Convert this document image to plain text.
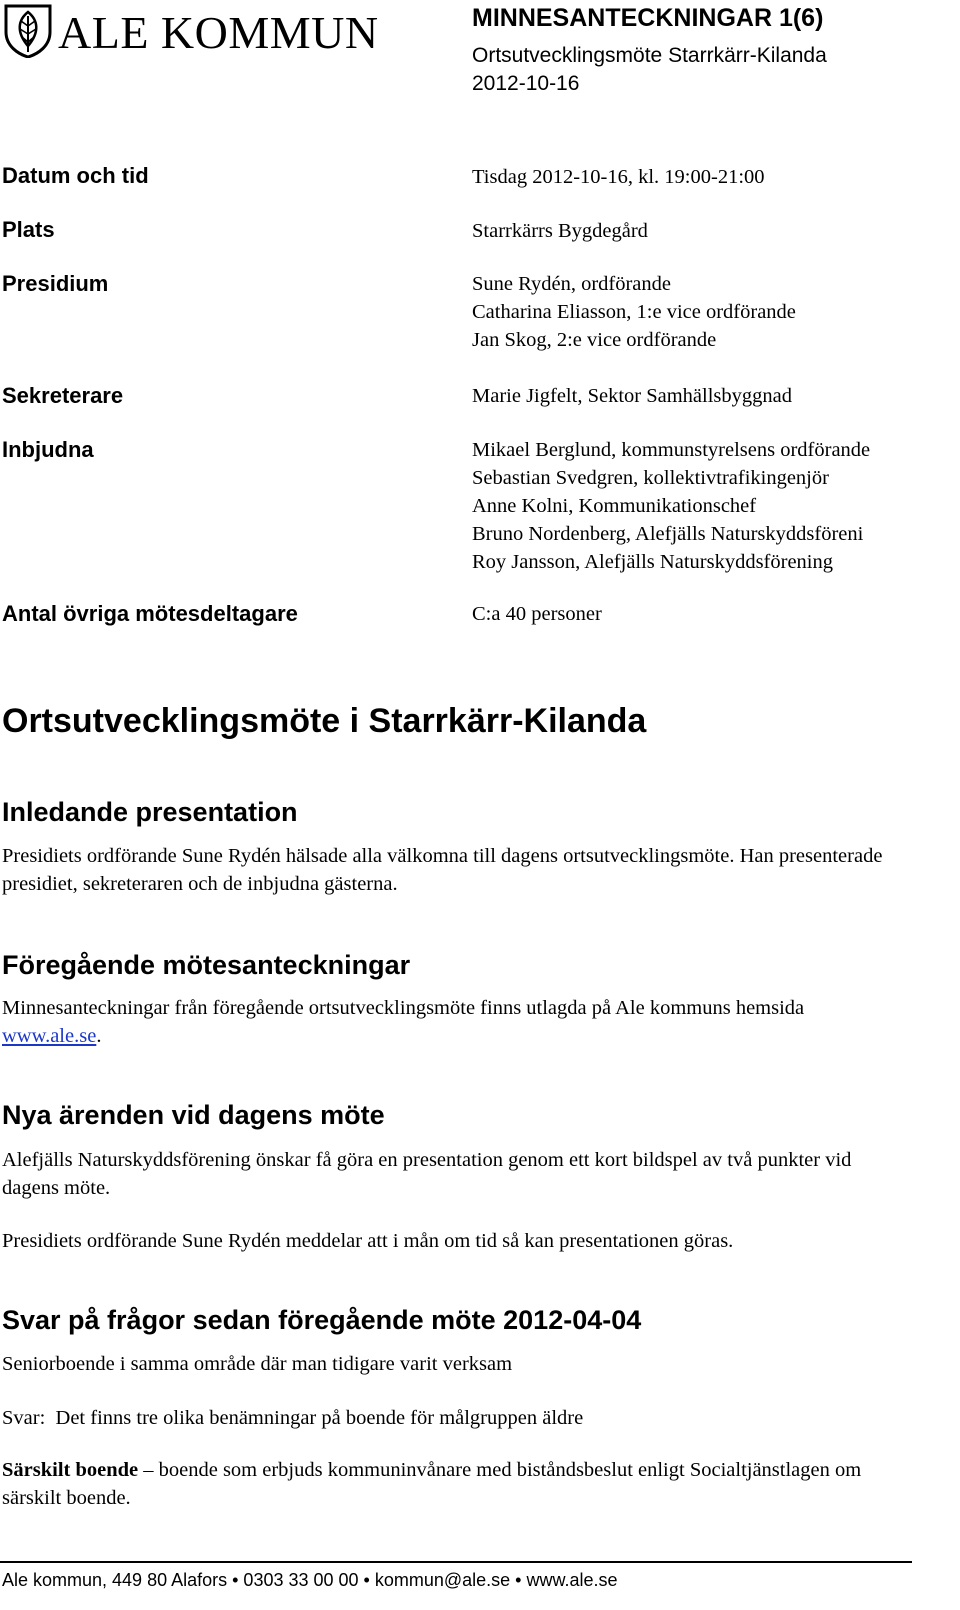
ALE KOMMUN	MINNESANTECKNINGAR 1(6)
Ortsutvecklingsmöte Starrkärr-Kilanda
2012-10-16
Datum och tid	Tisdag 2012-10-16, kl. 19:00-21:00
Plats	Starrkärrs Bygdegård
Presidium	Sune Rydén, ordförande
Catharina Eliasson, 1:e vice ordförande
Jan Skog, 2:e vice ordförande
Sekreterare	Marie Jigfelt, Sektor Samhällsbyggnad
Inbjudna	Mikael Berglund, kommunstyrelsens ordförande
Sebastian Svedgren, kollektivtrafikingenjör
Anne Kolni, Kommunikationschef
Bruno Nordenberg, Alefjälls Naturskyddsföreni
Roy Jansson, Alefjälls Naturskyddsförening
Antal övriga mötesdeltagare	C:a 40 personer
Ortsutvecklingsmöte i Starrkärr-Kilanda
Inledande presentation
Presidiets ordförande Sune Rydén hälsade alla välkomna till dagens ortsutvecklingsmöte. Han presenterade presidiet, sekreteraren och de inbjudna gästerna.
Föregående mötesanteckningar
Minnesanteckningar från föregående ortsutvecklingsmöte finns utlagda på Ale kommuns hemsida www.ale.se.
Nya ärenden vid dagens möte
Alefjälls Naturskyddsförening önskar få göra en presentation genom ett kort bildspel av två punkter vid dagens möte.
Presidiets ordförande Sune Rydén meddelar att i mån om tid så kan presentationen göras.
Svar på frågor sedan föregående möte 2012-04-04
Seniorboende i samma område där man tidigare varit verksam
Svar:  Det finns tre olika benämningar på boende för målgruppen äldre
Särskilt boende – boende som erbjuds kommuninvånare med biståndsbeslut enligt Socialtjänstlagen om särskilt boende.
Ale kommun, 449 80 Alafors • 0303 33 00 00 • kommun@ale.se • www.ale.se
